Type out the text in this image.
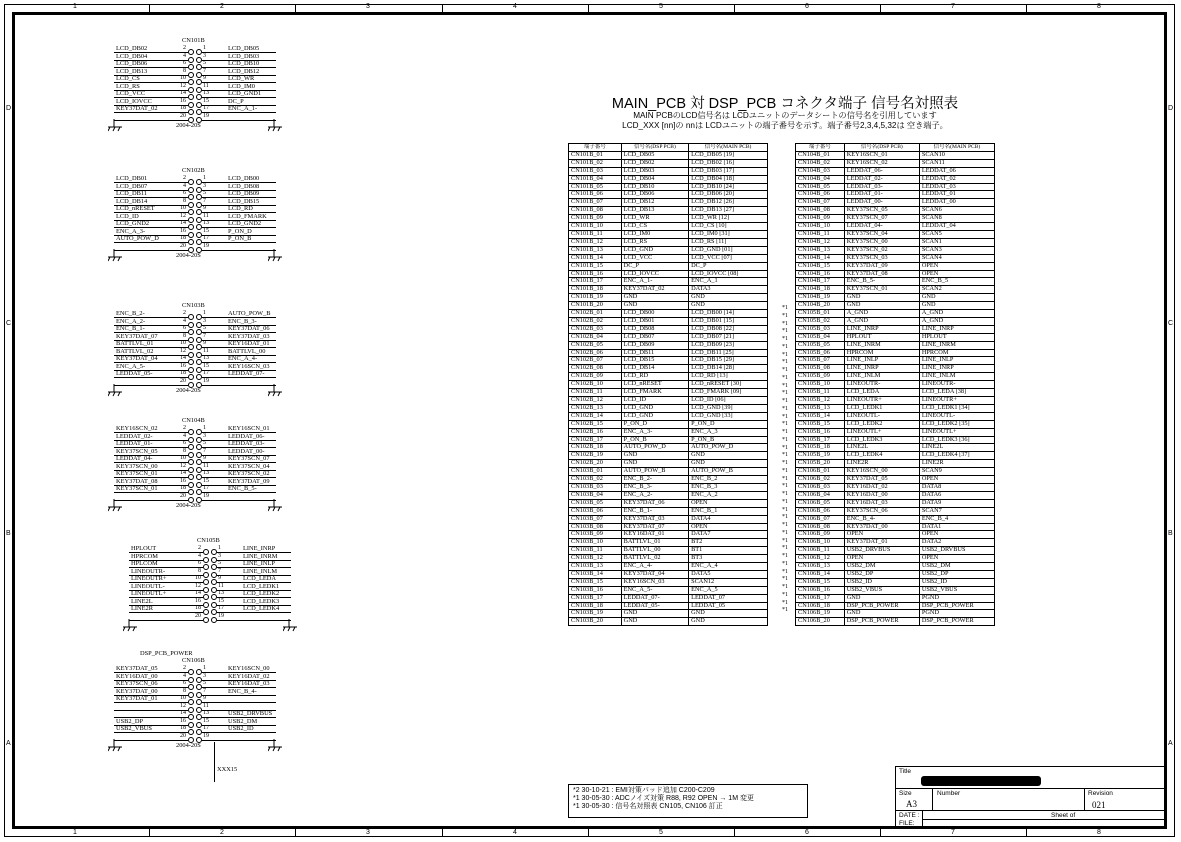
1
1
2
2
3
3
4
4
5
5
6
6
7
7
8
8
D	D
C	C
B	B
A	A
CN101B
2	1
LCD_DB02	LCD_DB05
4	3
LCD_DB04	LCD_DB03
6	5
LCD_DB06	LCD_DB10
8	7
LCD_DB13	LCD_DB12
10	9
LCD_CS	LCD_WR
12	11
LCD_RS	LCD_IM0
14	13
LCD_VCC	LCD_GND1
16	15
LCD_IOVCC	DC_P
18	17
KEY37DAT_02	ENC_A_1-
20	19
2004-20S
CN102B
2	1
LCD_DB01	LCD_DB00
4	3
LCD_DB07	LCD_DB08
6	5
LCD_DB11	LCD_DB09
8	7
LCD_DB14	LCD_DB15
10	9
LCD_nRESET	LCD_RD
12	11
LCD_ID	LCD_FMARK
14	13
LCD_GND2	LCD_GND2
16	15
ENC_A_3-	P_ON_D
18	17
AUTO_POW_D	P_ON_B
20	19
2004-20S
CN103B
2	1
ENC_B_2-	AUTO_POW_B
4	3
ENC_A_2-	ENC_B_3-
6	5
ENC_B_1-	KEY37DAT_06
8	7
KEY37DAT_07	KEY37DAT_03
10	9
BATTLVL_01	KEY16DAT_01
12	11
BATTLVL_02	BATTLVL_00
14	13
KEY37DAT_04	ENC_A_4-
16	15
ENC_A_5-	KEY16SCN_03
18	17
LEDDAT_05-	LEDDAT_07-
20	19
2004-20S
CN104B
2	1
KEY16SCN_02	KEY16SCN_01
4	3
LEDDAT_02-	LEDDAT_06-
6	5
LEDDAT_01-	LEDDAT_03-
8	7
KEY37SCN_05	LEDDAT_00-
10	9
LEDDAT_04-	KEY37SCN_07
12	11
KEY37SCN_00	KEY37SCN_04
14	13
KEY37SCN_01	KEY37SCN_02
16	15
KEY37DAT_08	KEY37DAT_09
18	17
KEY37SCN_01	ENC_B_5-
20	19
2004-20S
CN105B
2	1
HPLOUT	LINE_INRP
4	3
HPRCOM	LINE_INRM
6	5
HPLCOM	LINE_INLP
8	7
LINEOUTR-	LINE_INLM
10	9
LINEOUTR+	LCD_LEDA
12	11
LINEOUTL-	LCD_LEDK1
14	13
LINEOUTL+	LCD_LEDK2
16	15
LINE2L	LCD_LEDK3
18	17
LINE2R	LCD_LEDK4
20	19
CN106B
DSP_PCB_POWER
2	1
KEY37DAT_05	KEY16SCN_00
4	3
KEY16DAT_00	KEY16DAT_02
6	5
KEY37SCN_06	KEY16DAT_03
8	7
KEY37DAT_00	ENC_B_4-
10	9
KEY37DAT_01
12	11
14	13	USB2_DRVBUS
16	15
USB2_DP	USB2_DM
18	17
USB2_VBUS	USB2_ID
20	19
2004-20S
XXX15
MAIN_PCB 対 DSP_PCB コネクタ端子 信号名対照表
MAIN PCBのLCD信号名は LCDユニットのデータシートの信号名を引用しています
LCD_XXX [nn]の nnは LCDユニットの端子番号を示す。端子番号2,3,4,5,32は 空き端子。
端子番号	信号名(DSP PCB)	信号名(MAIN PCB)
CN101B_01	LCD_DB05	LCD_DB05 [19]
CN101B_02	LCD_DB02	LCD_DB02 [16]
CN101B_03	LCD_DB03	LCD_DB03 [17]
CN101B_04	LCD_DB04	LCD_DB04 [18]
CN101B_05	LCD_DB10	LCD_DB10 [24]
CN101B_06	LCD_DB06	LCD_DB06 [20]
CN101B_07	LCD_DB12	LCD_DB12 [26]
CN101B_08	LCD_DB13	LCD_DB13 [27]
CN101B_09	LCD_WR	LCD_WR [12]
CN101B_10	LCD_CS	LCD_CS [10]
CN101B_11	LCD_IM0	LCD_IM0 [31]
CN101B_12	LCD_RS	LCD_RS [11]
CN101B_13	LCD_GND	LCD_GND [01]
CN101B_14	LCD_VCC	LCD_VCC [07]
CN101B_15	DC_P	DC_P
CN101B_16	LCD_IOVCC	LCD_IOVCC [08]
CN101B_17	ENC_A_1-	ENC_A_1
CN101B_18	KEY37DAT_02	DATA3
CN101B_19	GND	GND
CN101B_20	GND	GND
CN102B_01	LCD_DB00	LCD_DB00 [14]
CN102B_02	LCD_DB01	LCD_DB01 [15]
CN102B_03	LCD_DB08	LCD_DB08 [22]
CN102B_04	LCD_DB07	LCD_DB07 [21]
CN102B_05	LCD_DB09	LCD_DB09 [23]
CN102B_06	LCD_DB11	LCD_DB11 [25]
CN102B_07	LCD_DB15	LCD_DB15 [29]
CN102B_08	LCD_DB14	LCD_DB14 [28]
CN102B_09	LCD_RD	LCD_RD [13]
CN102B_10	LCD_nRESET	LCD_nRESET [30]
CN102B_11	LCD_FMARK	LCD_FMARK [09]
CN102B_12	LCD_ID	LCD_ID [06]
CN102B_13	LCD_GND	LCD_GND [39]
CN102B_14	LCD_GND	LCD_GND [33]
CN102B_15	P_ON_D	P_ON_D
CN102B_16	ENC_A_3-	ENC_A_3
CN102B_17	P_ON_B	P_ON_B
CN102B_18	AUTO_POW_D	AUTO_POW_D
CN102B_19	GND	GND
CN102B_20	GND	GND
CN103B_01	AUTO_POW_B	AUTO_POW_B
CN103B_02	ENC_B_2-	ENC_B_2
CN103B_03	ENC_B_3-	ENC_B_3
CN103B_04	ENC_A_2-	ENC_A_2
CN103B_05	KEY37DAT_06	OPEN
CN103B_06	ENC_B_1-	ENC_B_1
CN103B_07	KEY37DAT_03	DATA4
CN103B_08	KEY37DAT_07	OPEN
CN103B_09	KEY16DAT_01	DATA7
CN103B_10	BATTLVL_01	BT2
CN103B_11	BATTLVL_00	BT1
CN103B_12	BATTLVL_02	BT3
CN103B_13	ENC_A_4-	ENC_A_4
CN103B_14	KEY37DAT_04	DATA5
CN103B_15	KEY16SCN_03	SCAN12
CN103B_16	ENC_A_5-	ENC_A_5
CN103B_17	LEDDAT_07-	LEDDAT_07
CN103B_18	LEDDAT_05-	LEDDAT_05
CN103B_19	GND	GND
CN103B_20	GND	GND
端子番号	信号名(DSP PCB)	信号名(MAIN PCB)
CN104B_01	KEY16SCN_01	SCAN10
CN104B_02	KEY16SCN_02	SCAN11
CN104B_03	LEDDAT_06-	LEDDAT_06
CN104B_04	LEDDAT_02-	LEDDAT_02
CN104B_05	LEDDAT_03-	LEDDAT_03
CN104B_06	LEDDAT_01-	LEDDAT_01
CN104B_07	LEDDAT_00-	LEDDAT_00
CN104B_08	KEY37SCN_05	SCAN6
CN104B_09	KEY37SCN_07	SCAN8
CN104B_10	LEDDAT_04-	LEDDAT_04
CN104B_11	KEY37SCN_04	SCAN5
CN104B_12	KEY37SCN_00	SCAN1
CN104B_13	KEY37SCN_02	SCAN3
CN104B_14	KEY37SCN_03	SCAN4
CN104B_15	KEY37DAT_09	OPEN
CN104B_16	KEY37DAT_08	OPEN
CN104B_17	ENC_B_5-	ENC_B_5
CN104B_18	KEY37SCN_01	SCAN2
CN104B_19	GND	GND
CN104B_20	GND	GND
CN105B_01	A_GND	A_GND
CN105B_02	A_GND	A_GND
CN105B_03	LINE_INRP	LINE_INRP
CN105B_04	HPLOUT	HPLOUT
CN105B_05	LINE_INRM	LINE_INRM
CN105B_06	HPRCOM	HPRCOM
CN105B_07	LINE_INLP	LINE_INLP
CN105B_08	LINE_INRP	LINE_INRP
CN105B_09	LINE_INLM	LINE_INLM
CN105B_10	LINEOUTR-	LINEOUTR-
CN105B_11	LCD_LEDA	LCD_LEDA [38]
CN105B_12	LINEOUTR+	LINEOUTR+
CN105B_13	LCD_LEDK1	LCD_LEDK1 [34]
CN105B_14	LINEOUTL-	LINEOUTL-
CN105B_15	LCD_LEDK2	LCD_LEDK2 [35]
CN105B_16	LINEOUTL+	LINEOUTL+
CN105B_17	LCD_LEDK3	LCD_LEDK3 [36]
CN105B_18	LINE2L	LINE2L
CN105B_19	LCD_LEDK4	LCD_LEDK4 [37]
CN105B_20	LINE2R	LINE2R
CN106B_01	KEY16SCN_00	SCAN9
CN106B_02	KEY37DAT_05	OPEN
CN106B_03	KEY16DAT_02	DATA8
CN106B_04	KEY16DAT_00	DATA6
CN106B_05	KEY16DAT_03	DATA9
CN106B_06	KEY37SCN_06	SCAN7
CN106B_07	ENC_B_4-	ENC_B_4
CN106B_08	KEY37DAT_00	DATA1
CN106B_09	OPEN	OPEN
CN106B_10	KEY37DAT_01	DATA2
CN106B_11	USB2_DRVBUS	USB2_DRVBUS
CN106B_12	OPEN	OPEN
CN106B_13	USB2_DM	USB2_DM
CN106B_14	USB2_DP	USB2_DP
CN106B_15	USB2_ID	USB2_ID
CN106B_16	USB2_VBUS	USB2_VBUS
CN106B_17	GND	PGND
CN106B_18	DSP_PCB_POWER	DSP_PCB_POWER
CN106B_19	GND	PGND
CN106B_20	DSP_PCB_POWER	DSP_PCB_POWER
*1
*1
*1
*1
*1
*1
*1
*1
*1
*1
*1
*1
*1
*1
*1
*1
*1
*1
*1
*1
*1
*1
*1
*1
*1
*1
*1
*1
*1
*1
*1
*1
*1
*1
*1
*1
*1
*1
*1
*1
*2 30-10-21 : EMI対策パッド追加 C200-C209
*1 30-05-30 : ADCノイズ対策 R88, R92 OPEN → 1M 変更
*1 30-05-30 : 信号名対照表 CN105, CN106 訂正
Title
Size
A3
Number	Revision
021
DATE :
FILE:
Sheet of
